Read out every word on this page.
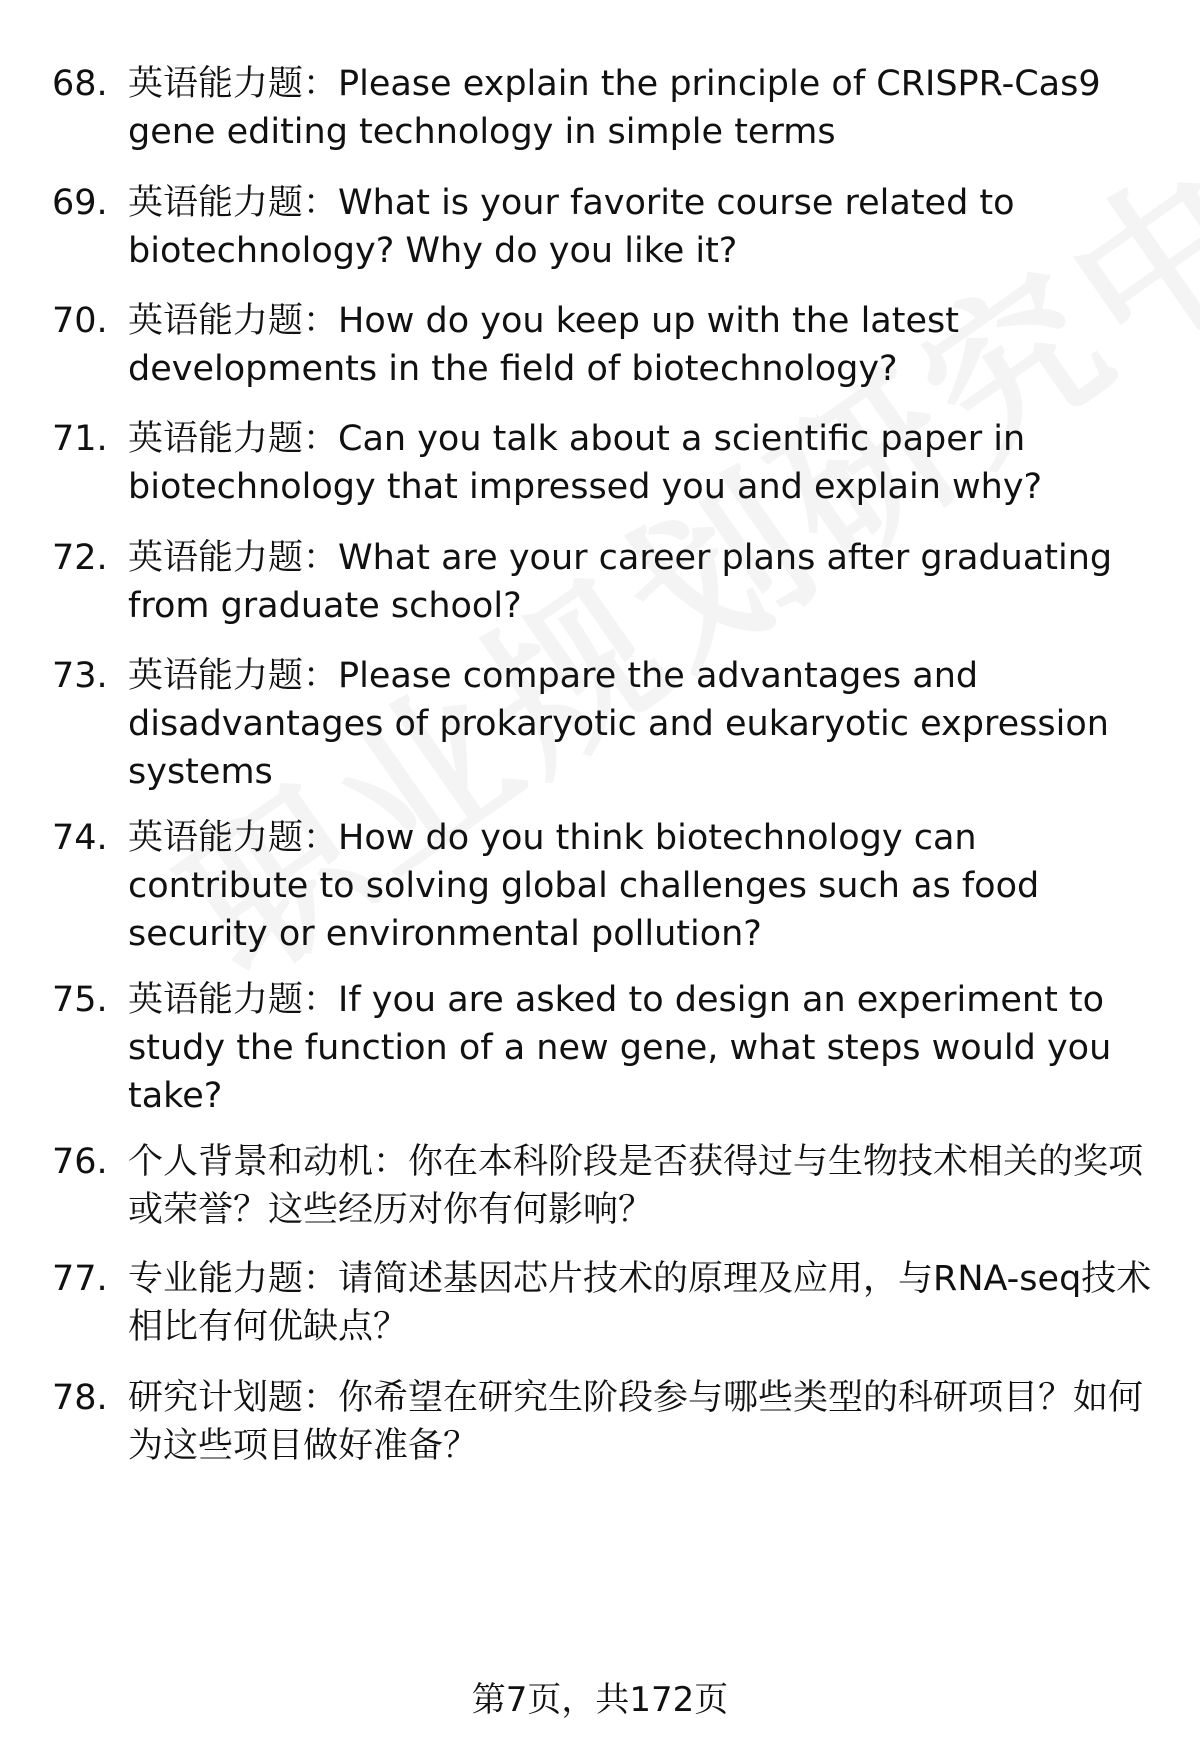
68. 英语能力题：Please explain the principle of CRISPR-Cas9 gene editing technology in simple terms
69. 英语能力题：What is your favorite course related to biotechnology? Why do you like it?
70. 英语能力题：How do you keep up with the latest developments in the field of biotechnology?
71. 英语能力题：Can you talk about a scientific paper in biotechnology that impressed you and explain why?
72. 英语能力题：What are your career plans after graduating from graduate school?
73. 英语能力题：Please compare the advantages and disadvantages of prokaryotic and eukaryotic expression systems
74. 英语能力题：How do you think biotechnology can contribute to solving global challenges such as food security or environmental pollution?
75. 英语能力题：If you are asked to design an experiment to study the function of a new gene, what steps would you take?
76. 个人背景和动机：你在本科阶段是否获得过与生物技术相关的奖项或荣誉？这些经历对你有何影响？
77. 专业能力题：请简述基因芯片技术的原理及应用，与RNA-seq技术相比有何优缺点？
78. 研究计划题：你希望在研究生阶段参与哪些类型的科研项目？如何为这些项目做好准备？
第7页，共172页
